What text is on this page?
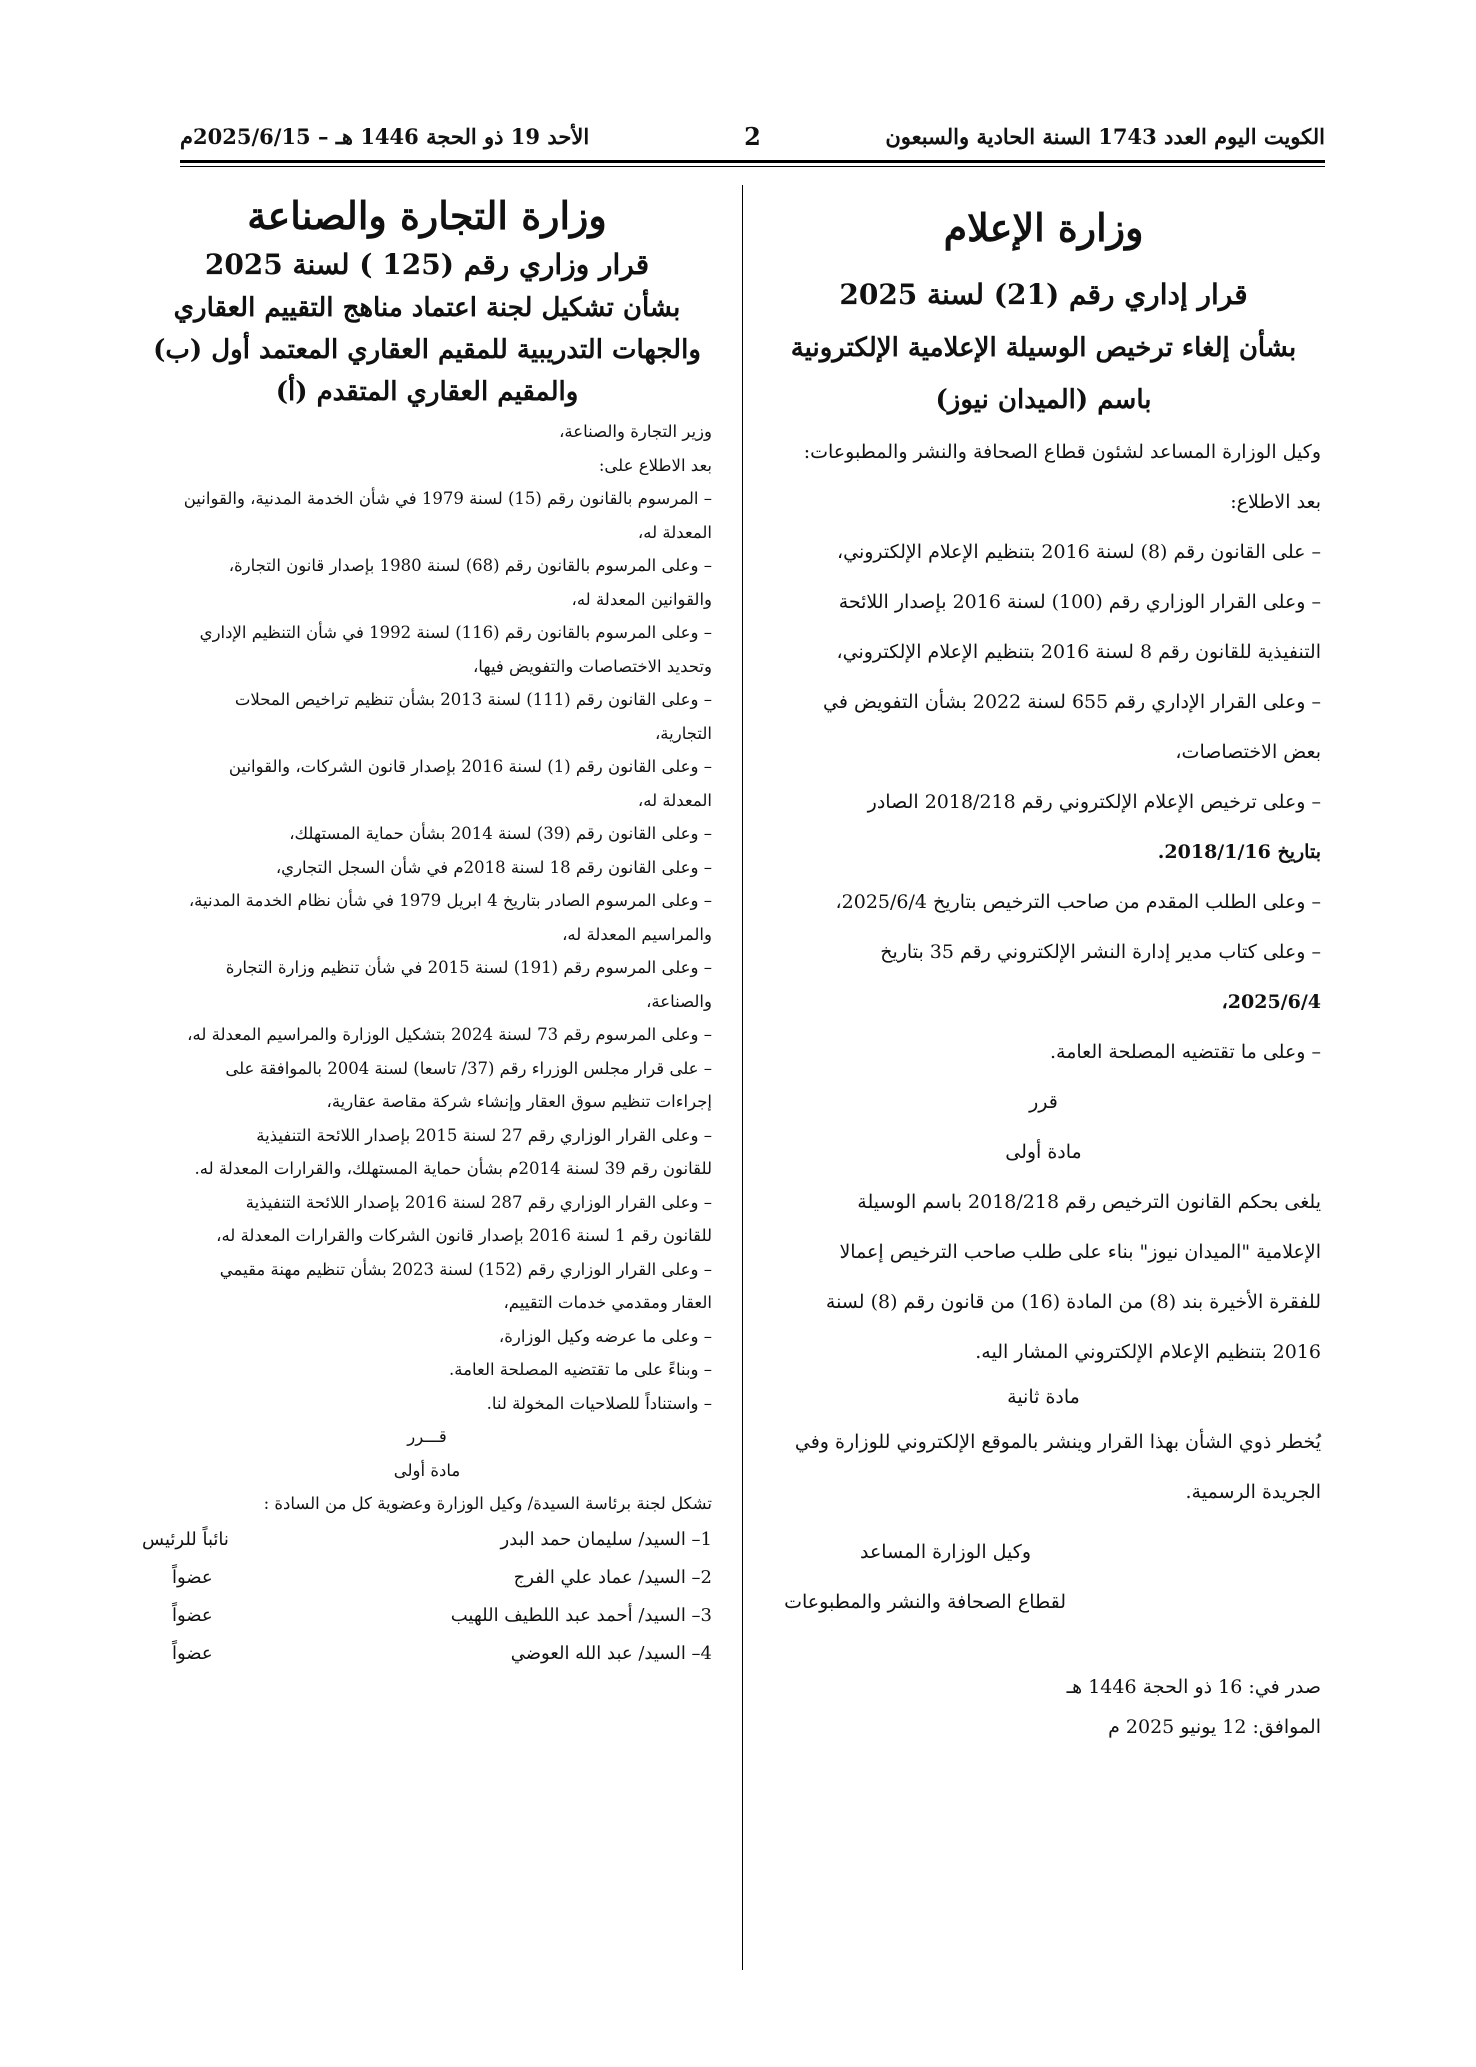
الكويت اليوم العدد 1743 السنة الحادية والسبعون
2
الأحد 19 ذو الحجة 1446 هـ – 2025/6/15م
وزارة الإعلام
قرار إداري رقم (21) لسنة 2025
بشأن إلغاء ترخيص الوسيلة الإعلامية الإلكترونية
باسم (الميدان نيوز)

وكيل الوزارة المساعد لشئون قطاع الصحافة والنشر والمطبوعات:

بعد الاطلاع:

– على القانون رقم (8) لسنة 2016 بتنظيم الإعلام الإلكتروني،

– وعلى القرار الوزاري رقم (100) لسنة 2016 بإصدار اللائحة

التنفيذية للقانون رقم 8 لسنة 2016 بتنظيم الإعلام الإلكتروني،

– وعلى القرار الإداري رقم 655 لسنة 2022 بشأن التفويض في

بعض الاختصاصات،

– وعلى ترخيص الإعلام الإلكتروني رقم 2018/218 الصادر

بتاريخ 2018/1/16.

– وعلى الطلب المقدم من صاحب الترخيص بتاريخ 2025/6/4،

– وعلى كتاب مدير إدارة النشر الإلكتروني رقم 35 بتاريخ

2025/6/4،

– وعلى ما تقتضيه المصلحة العامة.

قرر

مادة أولى

يلغى بحكم القانون الترخيص رقم 2018/218 باسم الوسيلة

الإعلامية "الميدان نيوز" بناء على طلب صاحب الترخيص إعمالا

للفقرة الأخيرة بند (8) من المادة (16) من قانون رقم (8) لسنة

2016 بتنظيم الإعلام الإلكتروني المشار اليه.

مادة ثانية

يُخطر ذوي الشأن بهذا القرار وينشر بالموقع الإلكتروني للوزارة وفي

الجريدة الرسمية.

وكيل الوزارة المساعد

لقطاع الصحافة والنشر والمطبوعات

صدر في: 16 ذو الحجة 1446 هـ

الموافق: 12 يونيو 2025 م

وزارة التجارة والصناعة
قرار وزاري رقم (125 ) لسنة 2025
بشأن تشكيل لجنة اعتماد مناهج التقييم العقاري
والجهات التدريبية للمقيم العقاري المعتمد أول (ب)
والمقيم العقاري المتقدم (أ)

وزير التجارة والصناعة،

بعد الاطلاع على:

– المرسوم بالقانون رقم (15) لسنة 1979 في شأن الخدمة المدنية، والقوانين

المعدلة له،

– وعلى المرسوم بالقانون رقم (68) لسنة 1980 بإصدار قانون التجارة،

والقوانين المعدلة له،

– وعلى المرسوم بالقانون رقم (116) لسنة 1992 في شأن التنظيم الإداري

وتحديد الاختصاصات والتفويض فيها،

– وعلى القانون رقم (111) لسنة 2013 بشأن تنظيم تراخيص المحلات

التجارية،

– وعلى القانون رقم (1) لسنة 2016 بإصدار قانون الشركات، والقوانين

المعدلة له،

– وعلى القانون رقم (39) لسنة 2014 بشأن حماية المستهلك،

– وعلى القانون رقم 18 لسنة 2018م في شأن السجل التجاري،

– وعلى المرسوم الصادر بتاريخ 4 ابريل 1979 في شأن نظام الخدمة المدنية،

والمراسيم المعدلة له،

– وعلى المرسوم رقم (191) لسنة 2015 في شأن تنظيم وزارة التجارة

والصناعة،

– وعلى المرسوم رقم 73 لسنة 2024 بتشكيل الوزارة والمراسيم المعدلة له،

– على قرار مجلس الوزراء رقم (37/ تاسعا) لسنة 2004 بالموافقة على

إجراءات تنظيم سوق العقار وإنشاء شركة مقاصة عقارية،

– وعلى القرار الوزاري رقم 27 لسنة 2015 بإصدار اللائحة التنفيذية

للقانون رقم 39 لسنة 2014م بشأن حماية المستهلك، والقرارات المعدلة له.

– وعلى القرار الوزاري رقم 287 لسنة 2016 بإصدار اللائحة التنفيذية

للقانون رقم 1 لسنة 2016 بإصدار قانون الشركات والقرارات المعدلة له،

– وعلى القرار الوزاري رقم (152) لسنة 2023 بشأن تنظيم مهنة مقيمي

العقار ومقدمي خدمات التقييم،

– وعلى ما عرضه وكيل الوزارة،

– وبناءً على ما تقتضيه المصلحة العامة.

– واستناداً للصلاحيات المخولة لنا.

قـــرر

مادة أولى

تشكل لجنة برئاسة السيدة/ وكيل الوزارة وعضوية كل من السادة :

1– السيد/ سليمان حمد البدر
نائباً للرئيس
2– السيد/ عماد علي الفرج
عضواً
3– السيد/ أحمد عبد اللطيف اللهيب
عضواً
4– السيد/ عبد الله العوضي
عضواً
